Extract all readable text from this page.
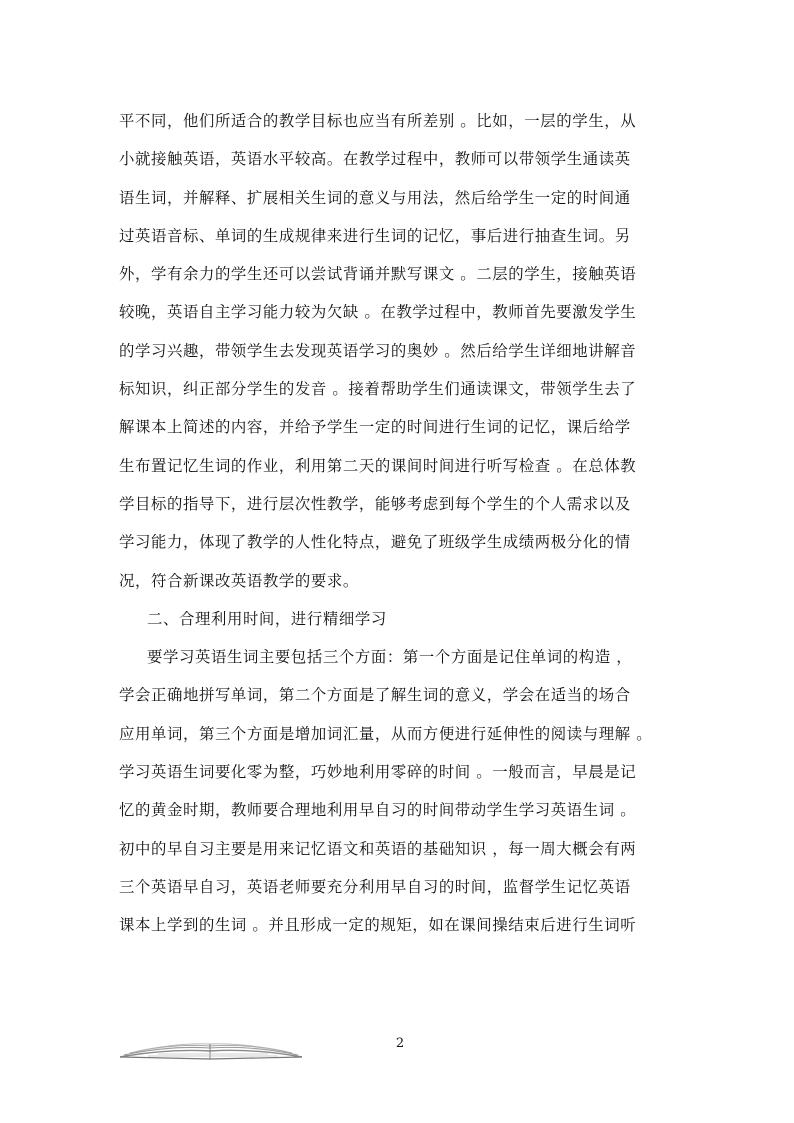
平不同，他们所适合的教学目标也应当有所差别 。比如，一层的学生，从
小就接触英语，英语水平较高。在教学过程中，教师可以带领学生通读英
语生词，并解释、扩展相关生词的意义与用法，然后给学生一定的时间通
过英语音标、单词的生成规律来进行生词的记忆，事后进行抽查生词。另
外，学有余力的学生还可以尝试背诵并默写课文 。二层的学生，接触英语
较晚，英语自主学习能力较为欠缺 。在教学过程中，教师首先要激发学生
的学习兴趣，带领学生去发现英语学习的奥妙 。然后给学生详细地讲解音
标知识，纠正部分学生的发音 。接着帮助学生们通读课文，带领学生去了
解课本上简述的内容，并给予学生一定的时间进行生词的记忆，课后给学
生布置记忆生词的作业，利用第二天的课间时间进行听写检查 。在总体教
学目标的指导下，进行层次性教学，能够考虑到每个学生的个人需求以及
学习能力，体现了教学的人性化特点，避免了班级学生成绩两极分化的情
况，符合新课改英语教学的要求。
二、合理利用时间，进行精细学习
要学习英语生词主要包括三个方面：第一个方面是记住单词的构造 ，
学会正确地拼写单词，第二个方面是了解生词的意义，学会在适当的场合
应用单词，第三个方面是增加词汇量，从而方便进行延伸性的阅读与理解 。
学习英语生词要化零为整，巧妙地利用零碎的时间 。一般而言，早晨是记
忆的黄金时期，教师要合理地利用早自习的时间带动学生学习英语生词 。
初中的早自习主要是用来记忆语文和英语的基础知识 ，每一周大概会有两
三个英语早自习，英语老师要充分利用早自习的时间，监督学生记忆英语
课本上学到的生词 。并且形成一定的规矩，如在课间操结束后进行生词听
2
